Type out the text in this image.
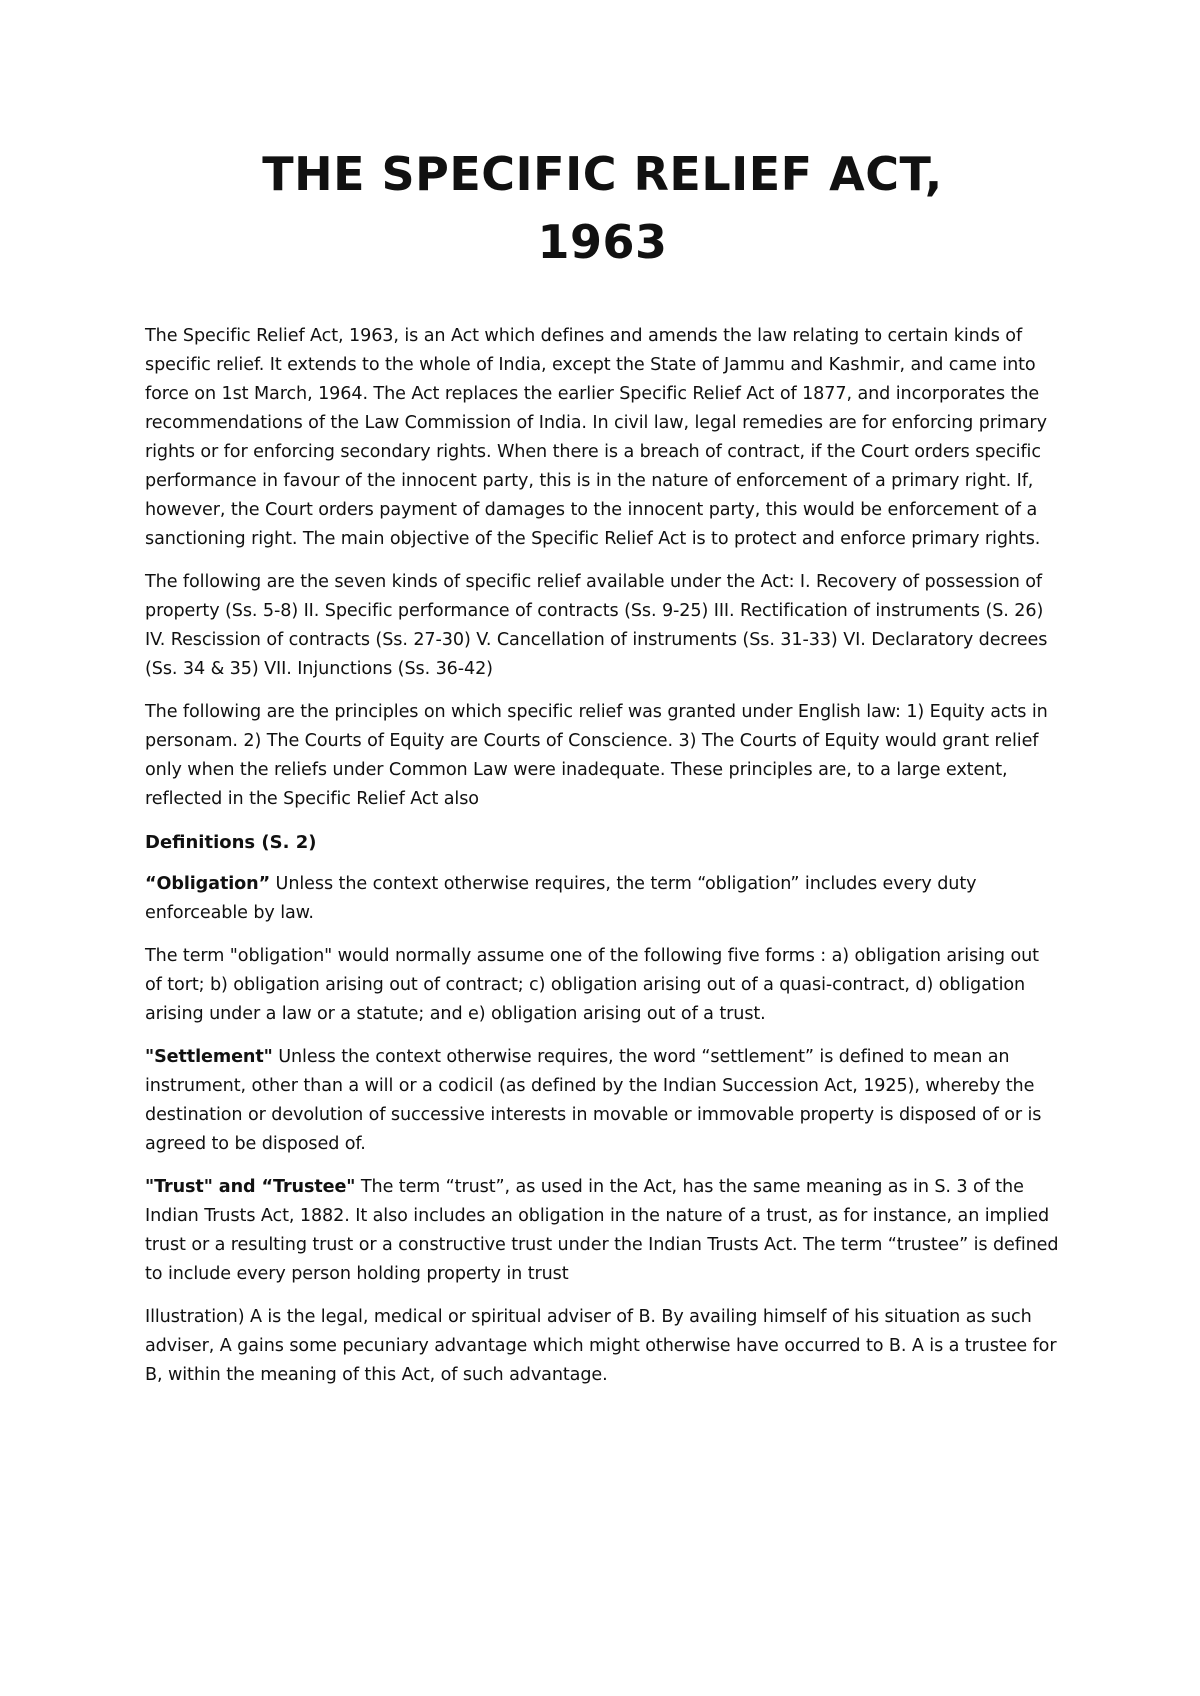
THE SPECIFIC RELIEF ACT,
1963

The Specific Relief Act, 1963, is an Act which defines and amends the law relating to certain kinds of specific relief. It extends to the whole of India, except the State of Jammu and Kashmir, and came into force on 1st March, 1964. The Act replaces the earlier Specific Relief Act of 1877, and incorporates the recommendations of the Law Commission of India. In civil law, legal remedies are for enforcing primary rights or for enforcing secondary rights. When there is a breach of contract, if the Court orders specific performance in favour of the innocent party, this is in the nature of enforcement of a primary right. If, however, the Court orders payment of damages to the innocent party, this would be enforcement of a sanctioning right. The main objective of the Specific Relief Act is to protect and enforce primary rights.

The following are the seven kinds of specific relief available under the Act: I. Recovery of possession of property (Ss. 5-8) II. Specific performance of contracts (Ss. 9-25) III. Rectification of instruments (S. 26) IV. Rescission of contracts (Ss. 27-30) V. Cancellation of instruments (Ss. 31-33) VI. Declaratory decrees (Ss. 34 & 35) VII. Injunctions (Ss. 36-42)

The following are the principles on which specific relief was granted under English law: 1) Equity acts in personam. 2) The Courts of Equity are Courts of Conscience. 3) The Courts of Equity would grant relief only when the reliefs under Common Law were inadequate. These principles are, to a large extent, reflected in the Specific Relief Act also

Definitions (S. 2)

“Obligation” Unless the context otherwise requires, the term “obligation” includes every duty enforceable by law.

The term "obligation" would normally assume one of the following five forms : a) obligation arising out of tort; b) obligation arising out of contract; c) obligation arising out of a quasi-contract, d) obligation arising under a law or a statute; and e) obligation arising out of a trust.

"Settlement" Unless the context otherwise requires, the word “settlement” is defined to mean an instrument, other than a will or a codicil (as defined by the Indian Succession Act, 1925), whereby the destination or devolution of successive interests in movable or immovable property is disposed of or is agreed to be disposed of.

"Trust" and “Trustee" The term “trust”, as used in the Act, has the same meaning as in S. 3 of the Indian Trusts Act, 1882. It also includes an obligation in the nature of a trust, as for instance, an implied trust or a resulting trust or a constructive trust under the Indian Trusts Act. The term “trustee” is defined to include every person holding property in trust

Illustration) A is the legal, medical or spiritual adviser of B. By availing himself of his situation as such adviser, A gains some pecuniary advantage which might otherwise have occurred to B. A is a trustee for B, within the meaning of this Act, of such advantage.
